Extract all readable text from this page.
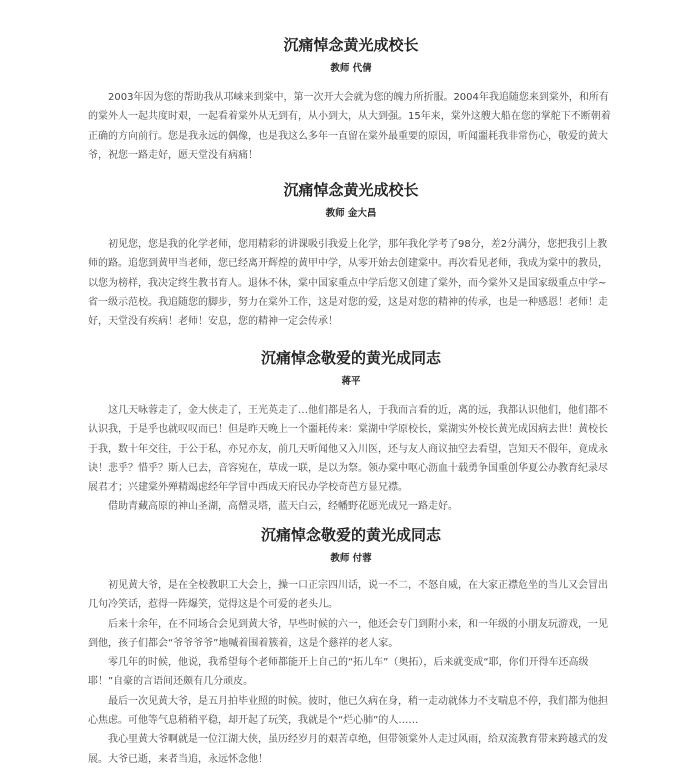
沉痛悼念黄光成校长
教师 代倩

2003年因为您的帮助我从邛崃来到棠中，第一次开大会就为您的魄力所折服。2004年我追随您来到棠外，和所有的棠外人一起共度时艰，一起看着棠外从无到有，从小到大，从大到强。15年来，棠外这艘大船在您的掌舵下不断朝着正确的方向前行。您是我永远的偶像，也是我这么多年一直留在棠外最重要的原因，听闻噩耗我非常伤心，敬爱的黄大爷，祝您一路走好，愿天堂没有病痛！

沉痛悼念黄光成校长
教师 金大昌

初见您，您是我的化学老师，您用精彩的讲课吸引我爱上化学，那年我化学考了98分，差2分满分，您把我引上教师的路。追您到黄甲当老师，您已经离开辉煌的黄甲中学，从零开始去创建棠中。再次看见老师，我成为棠中的教员，以您为榜样，我决定终生教书育人。退休不休，棠中国家重点中学后您又创建了棠外，而今棠外又是国家级重点中学~省一级示范校。我追随您的脚步，努力在棠外工作，这是对您的爱，这是对您的精神的传承，也是一种感恩！老师！走好，天堂没有疾病！老师！安息，您的精神一定会传承！

沉痛悼念敬爱的黄光成同志
蒋平

这几天咏蓉走了，金大侠走了，王光英走了…他们都是名人，于我而言看的近，离的远，我都认识他们，他们都不认识我，于是乎也就叹叹而已！但是昨天晚上一个噩耗传来：棠湖中学原校长，棠湖实外校长黄光成因病去世！黄校长于我，数十年交往，于公于私，亦兄亦友，前几天听闻他又入川医，还与友人商议抽空去看望，岂知天不假年，竟成永诀！悲乎？惜乎？斯人已去，音容宛在，草成一联，是以为祭。领办棠中呕心沥血十载勇争国重创华夏公办教育纪录尽展君才；兴建棠外殚精竭虑经年学冒中西成天府民办学校奇芭方显兄襟。

借助青藏高原的神山圣湖，高僧灵塔，蓝天白云，经幡野花愿光成兄一路走好。

沉痛悼念敬爱的黄光成同志
教师 付蓉

初见黄大爷，是在全校教职工大会上，操一口正宗四川话，说一不二，不怒自威，在大家正襟危坐的当儿又会冒出几句冷笑话，惹得一阵爆笑，觉得这是个可爱的老头儿。

后来十余年，在不同场合会见到黄大爷，早些时候的六一，他还会专门到附小来，和一年级的小朋友玩游戏，一见到他，孩子们都会“爷爷爷爷”地喊着围着簇着，这是个慈祥的老人家。

零几年的时候，他说，我希望每个老师都能开上自己的“拓儿车”（奥拓），后来就变成“耶，你们开得车还高级耶！”自豪的言语间还颇有几分顽皮。

最后一次见黄大爷，是五月拍毕业照的时候。彼时，他已久病在身，稍一走动就体力不支喘息不停，我们都为他担心焦虑。可他等气息稍稍平稳，却开起了玩笑，我就是个“烂心肺”的人……

我心里黄大爷啊就是一位江湖大侠，虽历经岁月的艰苦卓绝，但带领棠外人走过风雨，给双流教育带来跨越式的发展。大爷已逝，来者当追，永远怀念他！
